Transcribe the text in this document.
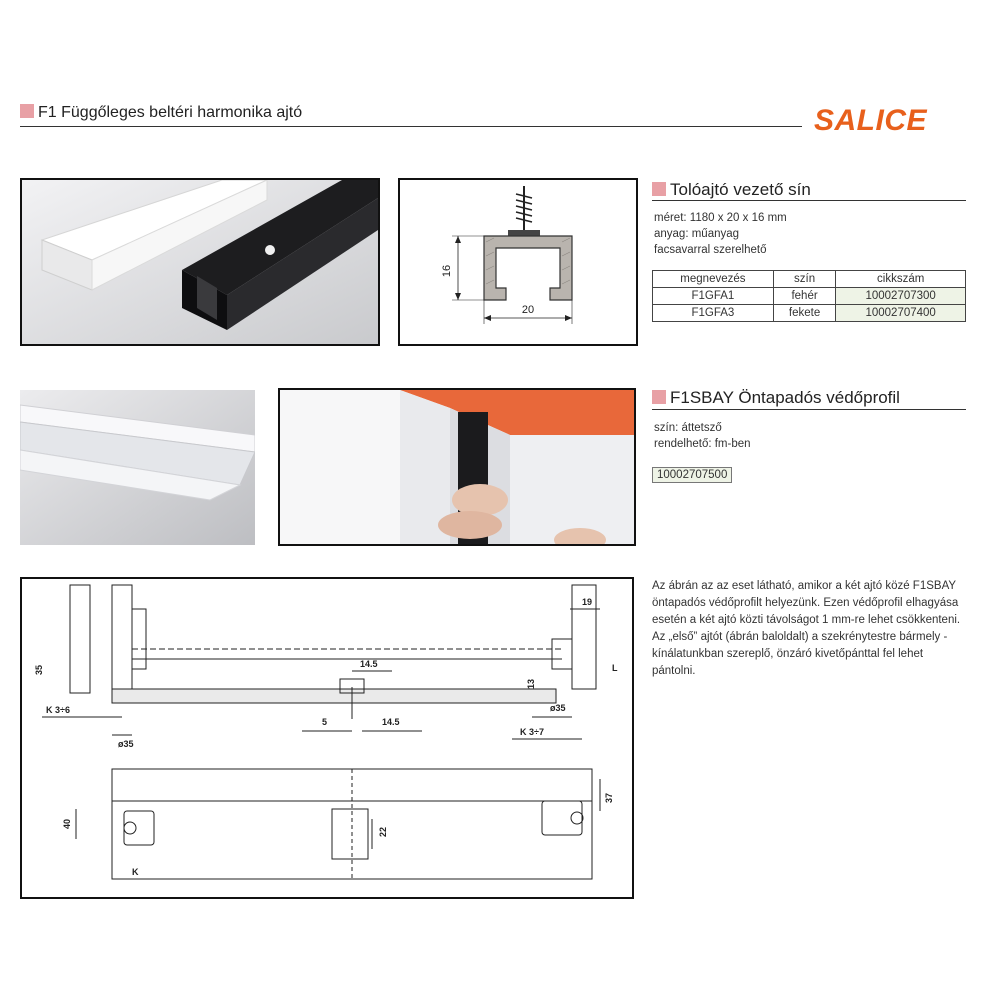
F1 Függőleges beltéri harmonika ajtó	SALICE
16
20
Tolóajtó vezető sín
méret: 1180 x 20 x 16 mm
anyag: műanyag
facsavarral szerelhető
megnevezés	szín	cikkszám
F1GFA1	fehér	10002707300
F1GFA3	fekete	10002707400
F1SBAY Öntapadós védőprofil
szín: áttetsző
rendelhető: fm-ben
10002707500
19
35
14.5
5	14.5
13
L
ø35
ø35
K 3÷6
K 3÷7
40
22
37
K
Az ábrán az az eset látható, amikor a két ajtó közé F1SBAY öntapadós védőprofilt helyezünk. Ezen védőprofil elhagyása esetén a két ajtó közti távolságot 1 mm-re lehet csökkenteni. Az „első” ajtót (ábrán baloldalt) a szekrénytestre bármely - kínálatunkban szereplő, önzáró kivetőpánttal fel lehet pántolni.
